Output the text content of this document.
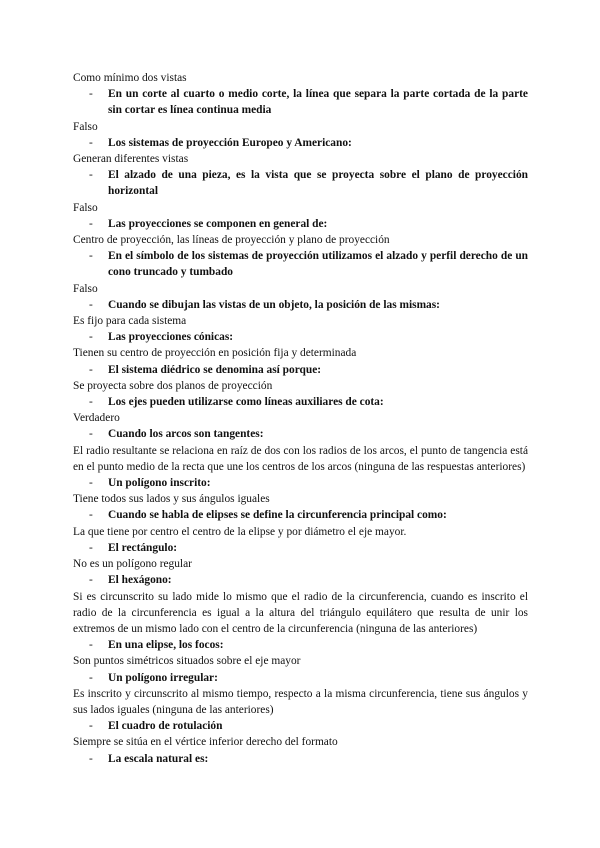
Como mínimo dos vistas
- En un corte al cuarto o medio corte, la línea que separa la parte cortada de la parte sin cortar es línea continua media
Falso
- Los sistemas de proyección Europeo y Americano:
Generan diferentes vistas
- El alzado de una pieza, es la vista que se proyecta sobre el plano de proyección horizontal
Falso
- Las proyecciones se componen en general de:
Centro de proyección, las líneas de proyección y plano de proyección
- En el símbolo de los sistemas de proyección utilizamos el alzado y perfil derecho de un cono truncado y tumbado
Falso
- Cuando se dibujan las vistas de un objeto, la posición de las mismas:
Es fijo para cada sistema
- Las proyecciones cónicas:
Tienen su centro de proyección en posición fija y determinada
- El sistema diédrico se denomina así porque:
Se proyecta sobre dos planos de proyección
- Los ejes pueden utilizarse como líneas auxiliares de cota:
Verdadero
- Cuando los arcos son tangentes:
El radio resultante se relaciona en raíz de dos con los radios de los arcos, el punto de tangencia está en el punto medio de la recta que une los centros de los arcos (ninguna de las respuestas anteriores)
- Un polígono inscrito:
Tiene todos sus lados y sus ángulos iguales
- Cuando se habla de elipses se define la circunferencia principal como:
La que tiene por centro el centro de la elipse y por diámetro el eje mayor.
- El rectángulo:
No es un polígono regular
- El hexágono:
Si es circunscrito su lado mide lo mismo que el radio de la circunferencia, cuando es inscrito el radio de la circunferencia es igual a la altura del triángulo equilátero que resulta de unir los extremos de un mismo lado con el centro de la circunferencia (ninguna de las anteriores)
- En una elipse, los focos:
Son puntos simétricos situados sobre el eje mayor
- Un polígono irregular:
Es inscrito y circunscrito al mismo tiempo, respecto a la misma circunferencia, tiene sus ángulos y sus lados iguales (ninguna de las anteriores)
- El cuadro de rotulación
Siempre se sitúa en el vértice inferior derecho del formato
- La escala natural es:
